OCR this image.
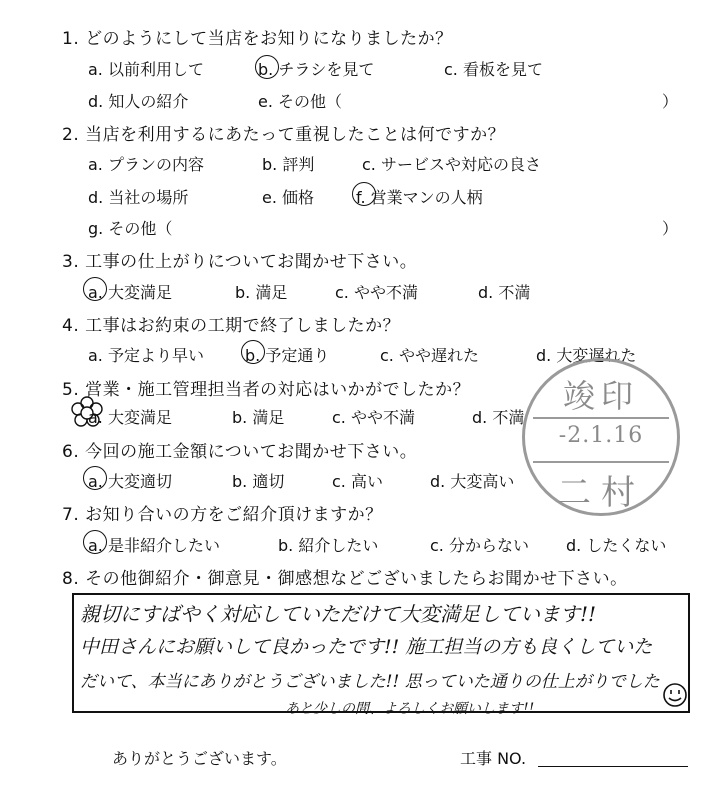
1. どのようにして当店をお知りになりましたか？
a. 以前利用して	b. チラシを見て	c. 看板を見て
d. 知人の紹介	e. その他（	）
2. 当店を利用するにあたって重視したことは何ですか？
a. プランの内容	b. 評判	c. サービスや対応の良さ
d. 当社の場所	e. 価格	f. 営業マンの人柄
g. その他（	）
3. 工事の仕上がりについてお聞かせ下さい。
a. 大変満足	b. 満足	c. やや不満	d. 不満
4. 工事はお約束の工期で終了しましたか？
a. 予定より早い	b. 予定通り	c. やや遅れた	d. 大変遅れた
5. 営業・施工管理担当者の対応はいかがでしたか？
a. 大変満足	b. 満足	c. やや不満	d. 不満
6. 今回の施工金額についてお聞かせ下さい。
a. 大変適切	b. 適切	c. 高い	d. 大変高い
7. お知り合いの方をご紹介頂けますか？
a. 是非紹介したい	b. 紹介したい	c. 分からない d. したくない
8. その他御紹介・御意見・御感想などございましたらお聞かせ下さい。
竣印
-2.1.16
二村
親切にすばやく対応していただけて大変満足しています!!
中田さんにお願いして良かったです!! 施工担当の方も良くしていた
だいて、本当にありがとうございました!! 思っていた通りの仕上がりでした
あと少しの間、よろしくお願いします!!
ありがとうございます。	工事 NO.
